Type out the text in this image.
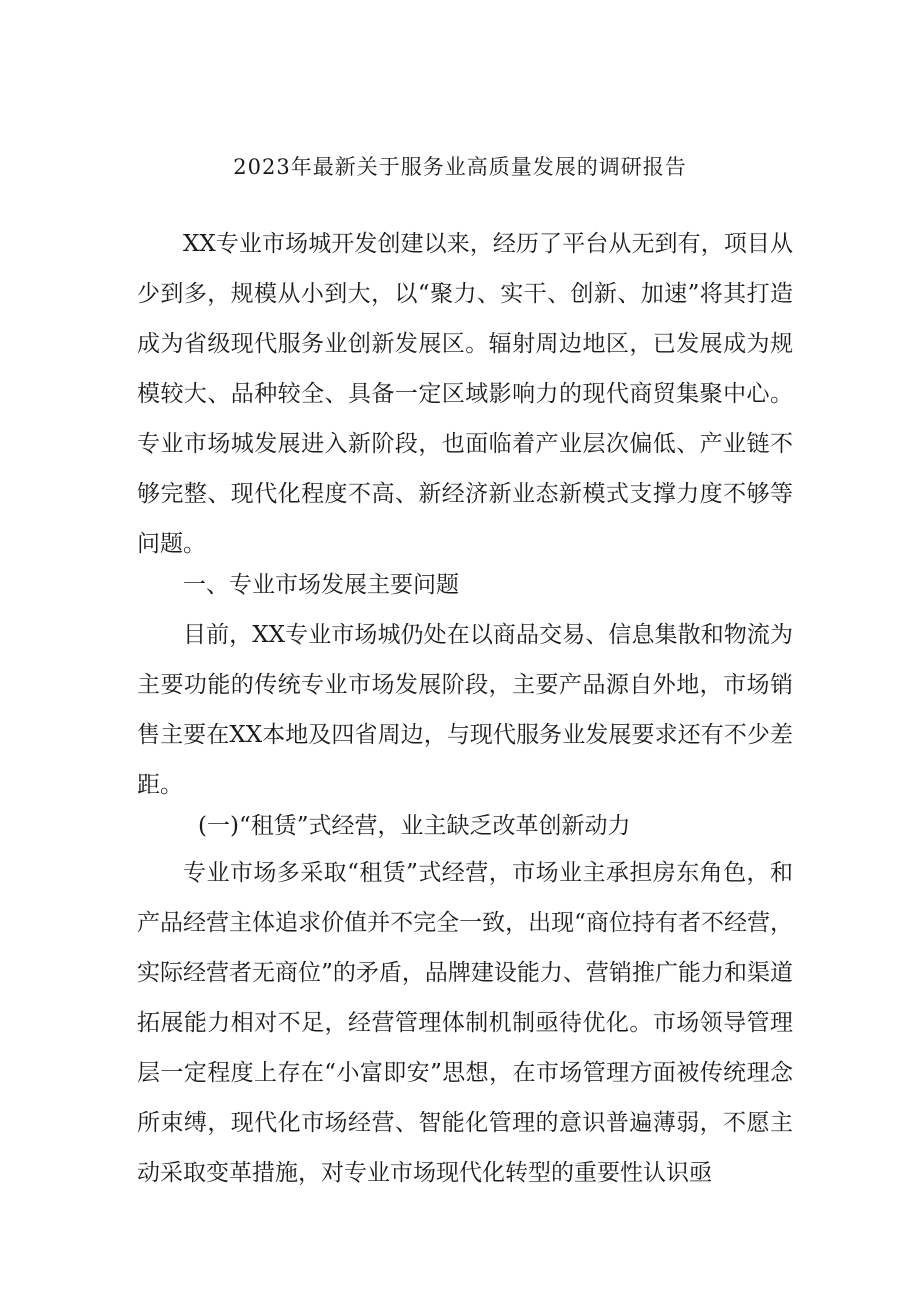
2023年最新关于服务业高质量发展的调研报告

XX专业市场城开发创建以来，经历了平台从无到有，项目从少到多，规模从小到大，以“聚力、实干、创新、加速”将其打造成为省级现代服务业创新发展区。辐射周边地区，已发展成为规模较大、品种较全、具备一定区域影响力的现代商贸集聚中心。专业市场城发展进入新阶段，也面临着产业层次偏低、产业链不够完整、现代化程度不高、新经济新业态新模式支撑力度不够等问题。

一、专业市场发展主要问题

目前，XX专业市场城仍处在以商品交易、信息集散和物流为主要功能的传统专业市场发展阶段，主要产品源自外地，市场销售主要在XX本地及四省周边，与现代服务业发展要求还有不少差距。

(一)“租赁”式经营，业主缺乏改革创新动力

专业市场多采取“租赁”式经营，市场业主承担房东角色，和产品经营主体追求价值并不完全一致，出现“商位持有者不经营，实际经营者无商位”的矛盾，品牌建设能力、营销推广能力和渠道拓展能力相对不足，经营管理体制机制亟待优化。市场领导管理层一定程度上存在“小富即安”思想，在市场管理方面被传统理念所束缚，现代化市场经营、智能化管理的意识普遍薄弱，不愿主动采取变革措施，对专业市场现代化转型的重要性认识亟
